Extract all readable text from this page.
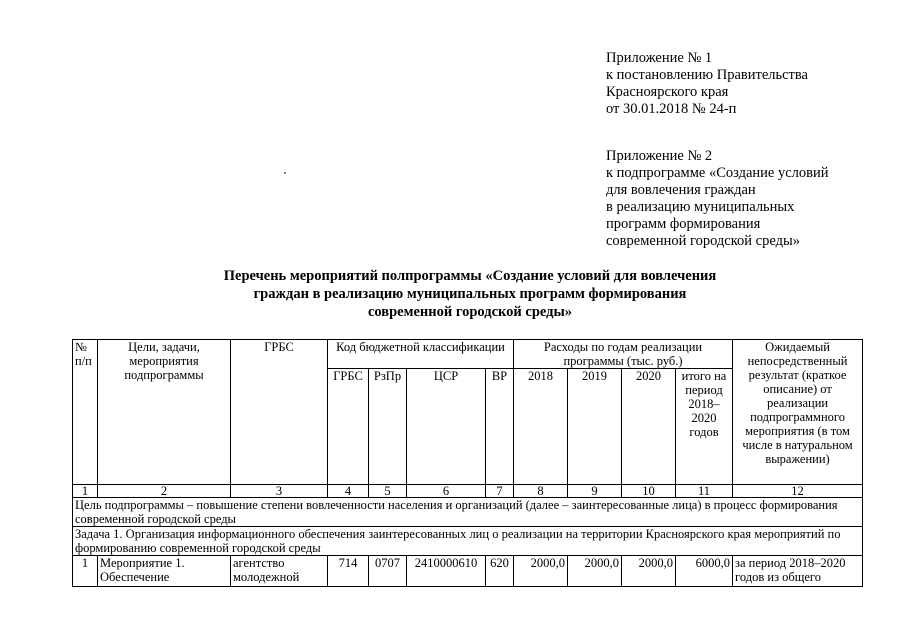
Приложение № 1
к постановлению Правительства
Красноярского края
от 30.01.2018 № 24-п
Приложение № 2
к подпрограмме «Создание условий
для вовлечения граждан
в реализацию муниципальных
программ формирования
современной городской среды»
Перечень мероприятий полпрограммы «Создание условий для вовлечения
граждан в реализацию муниципальных программ формирования
современной городской среды»
№ п/п	Цели, задачи, мероприятия подпрограммы	ГРБС	Код бюджетной классификации				Расходы по годам реализации программы (тыс. руб.)				Ожидаемый непосредственный результат (краткое описание) от реализации подпрограммного мероприятия (в том числе в натуральном выражении)
			ГРБС	РзПр	ЦСР	ВР	2018	2019	2020	итого на период 2018–2020 годов	
1	2	3	4	5	6	7	8	9	10	11	12
Цель подпрограммы – повышение степени вовлеченности населения и организаций (далее – заинтересованные лица) в процесс формирования современной городской среды											
Задача 1. Организация информационного обеспечения заинтересованных лиц о реализации на территории Красноярского края мероприятий по формированию современной городской среды											
1	Мероприятие 1. Обеспечение	агентство молодежной	714	0707	2410000610	620	2000,0	2000,0	2000,0	6000,0	за период 2018–2020 годов из общего
